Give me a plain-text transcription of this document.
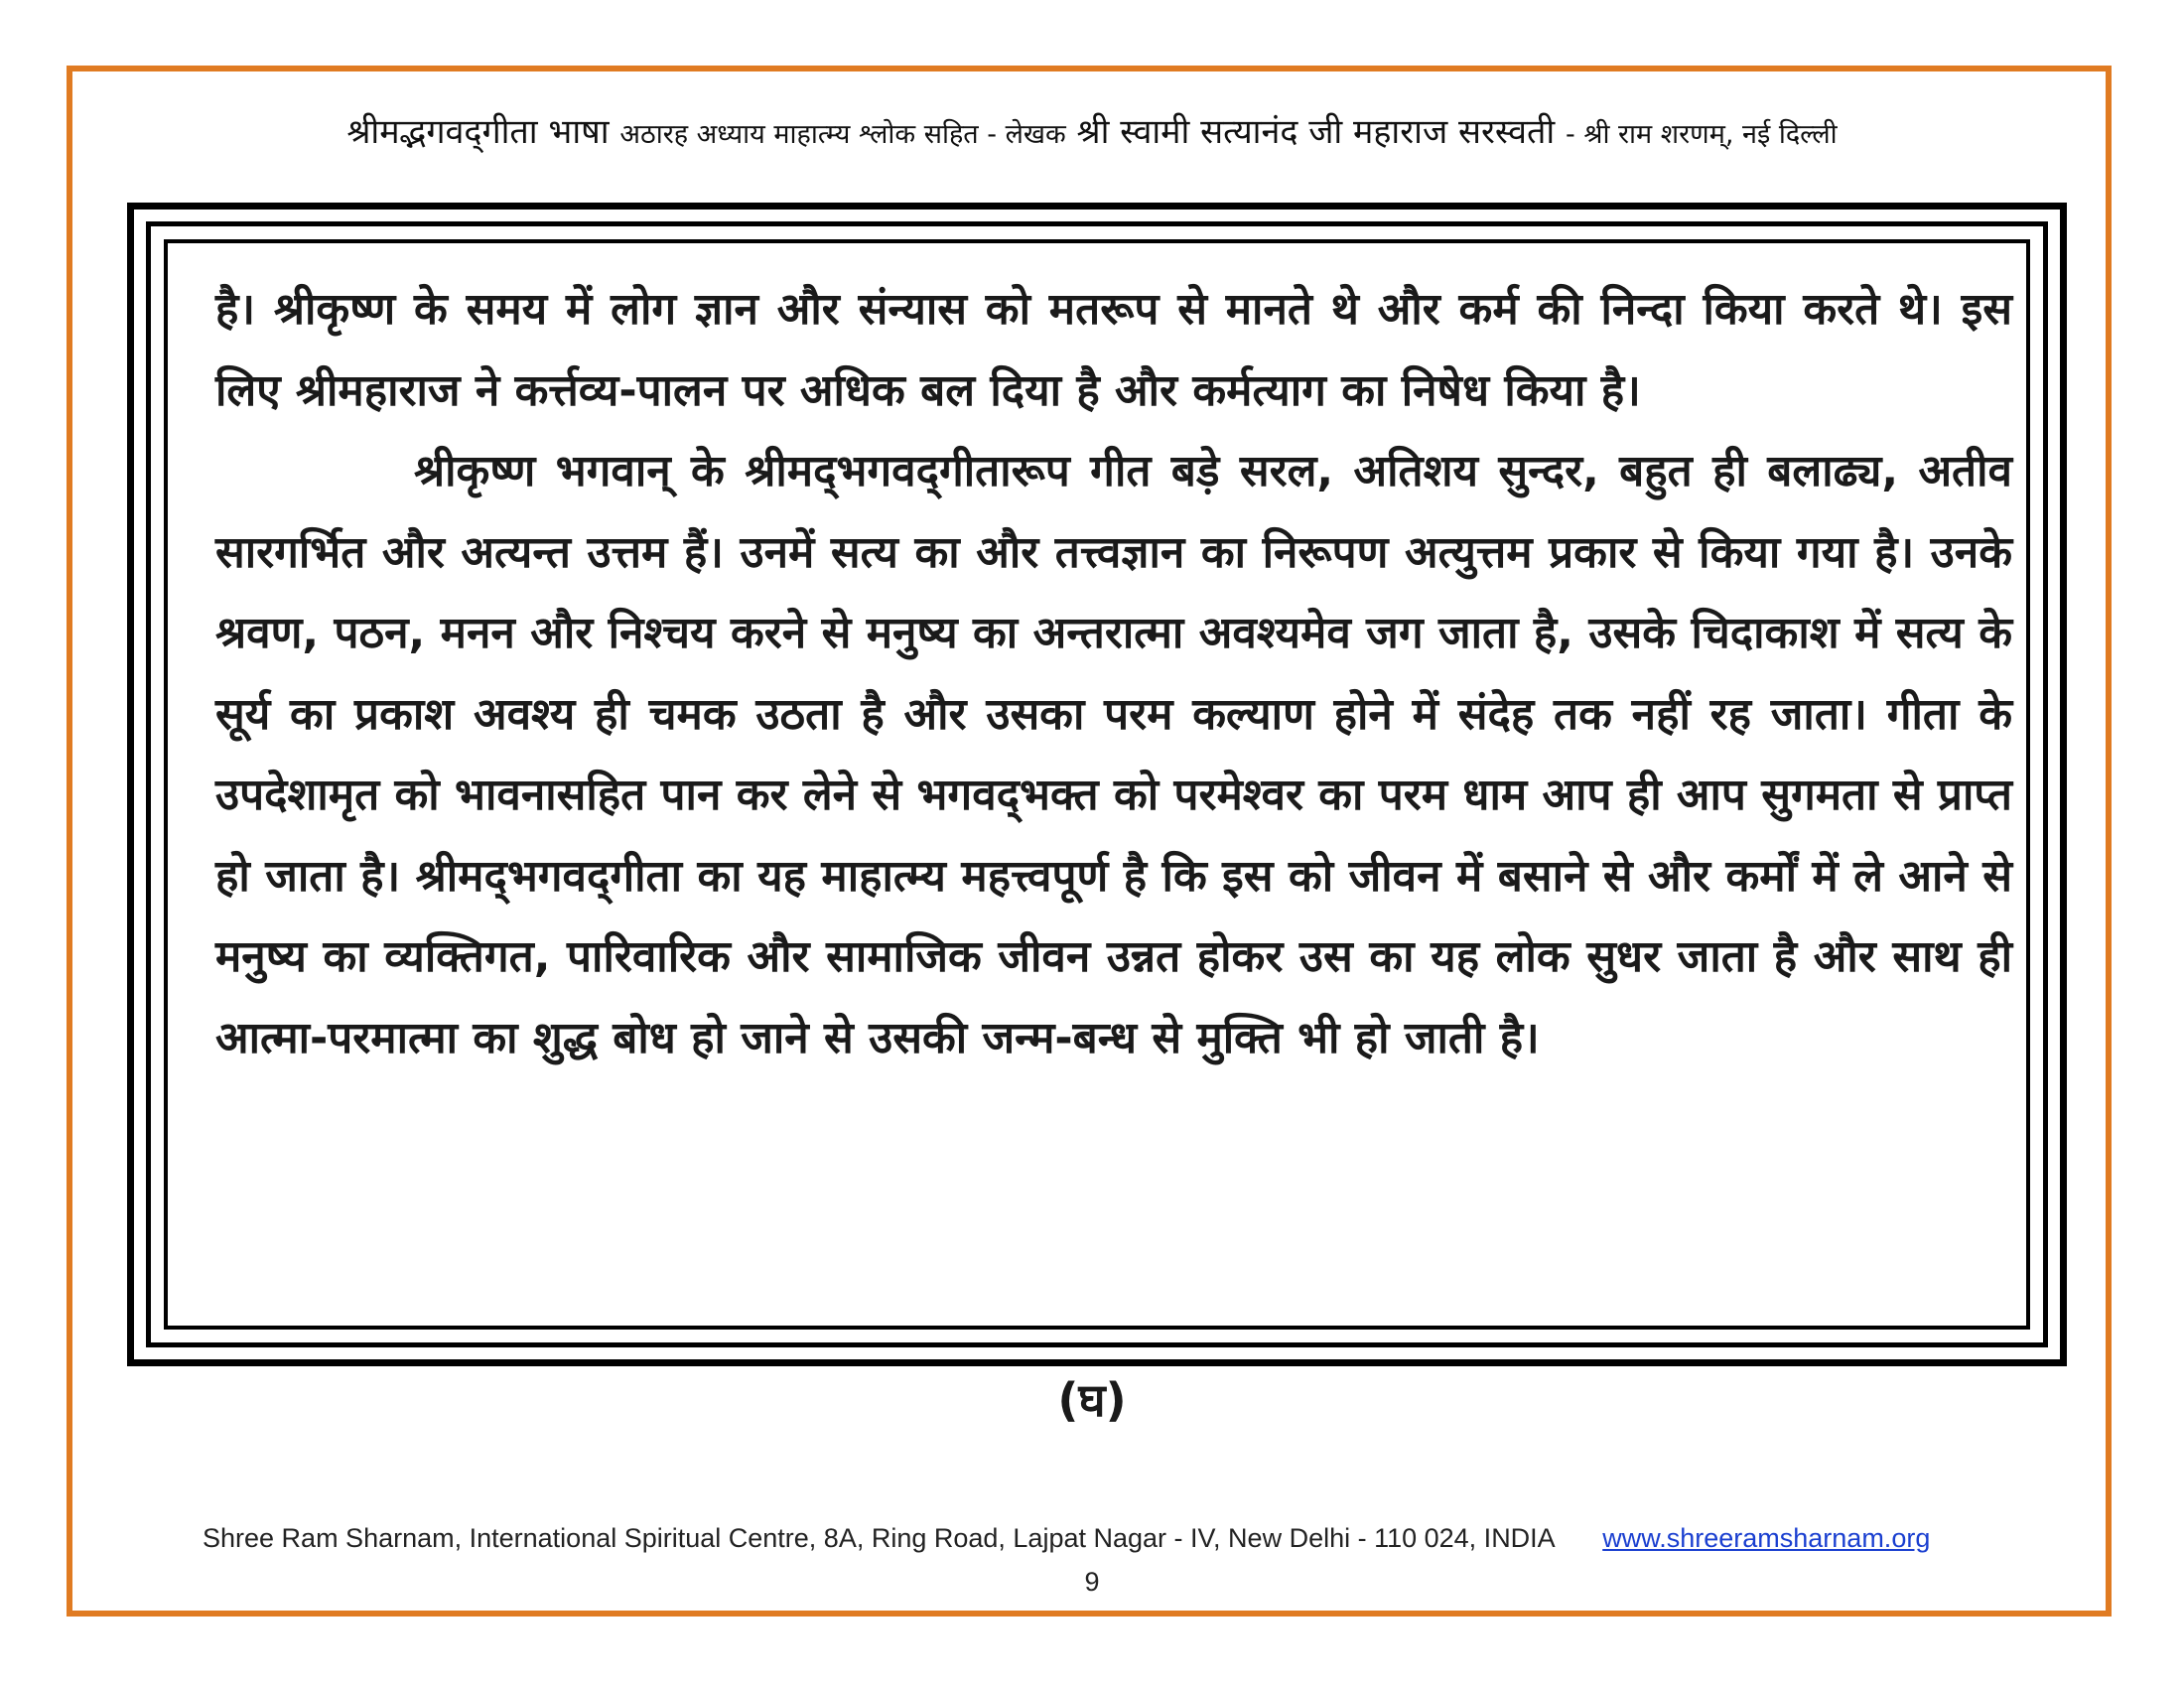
श्रीमद्भगवद्‌गीता भाषा अठारह अध्याय माहात्म्य श्लोक सहित - लेखक श्री स्वामी सत्यानंद जी महाराज सरस्वती - श्री राम शरणम्, नई दिल्ली

है। श्रीकृष्ण के समय में लोग ज्ञान और संन्यास को मतरूप से मानते थे और कर्म की निन्दा किया करते थे। इस लिए श्रीमहाराज ने कर्त्तव्य-पालन पर अधिक बल दिया है और कर्मत्याग का निषेध किया है।

श्रीकृष्ण भगवान् के श्रीमद्‌भगवद्‌गीतारूप गीत बड़े सरल, अतिशय सुन्दर, बहुत ही बलाढ्य, अतीव सारगर्भित और अत्यन्त उत्तम हैं। उनमें सत्य का और तत्त्वज्ञान का निरूपण अत्युत्तम प्रकार से किया गया है। उनके श्रवण, पठन, मनन और निश्चय करने से मनुष्य का अन्तरात्मा अवश्यमेव जग जाता है, उसके चिदाकाश में सत्य के सूर्य का प्रकाश अवश्य ही चमक उठता है और उसका परम कल्याण होने में संदेह तक नहीं रह जाता। गीता के उपदेशामृत को भावनासहित पान कर लेने से भगवद्‌भक्त को परमेश्वर का परम धाम आप ही आप सुगमता से प्राप्त हो जाता है। श्रीमद्‌भगवद्‌गीता का यह माहात्म्य महत्त्वपूर्ण है कि इस को जीवन में बसाने से और कर्मों में ले आने से मनुष्य का व्यक्तिगत, पारिवारिक और सामाजिक जीवन उन्नत होकर उस का यह लोक सुधर जाता है और साथ ही आत्मा-परमात्मा का शुद्ध बोध हो जाने से उसकी जन्म-बन्ध से मुक्ति भी हो जाती है।

(घ)
Shree Ram Sharnam, International Spiritual Centre, 8A, Ring Road, Lajpat Nagar - IV, New Delhi - 110 024, INDIA www.shreeramsharnam.org
9
